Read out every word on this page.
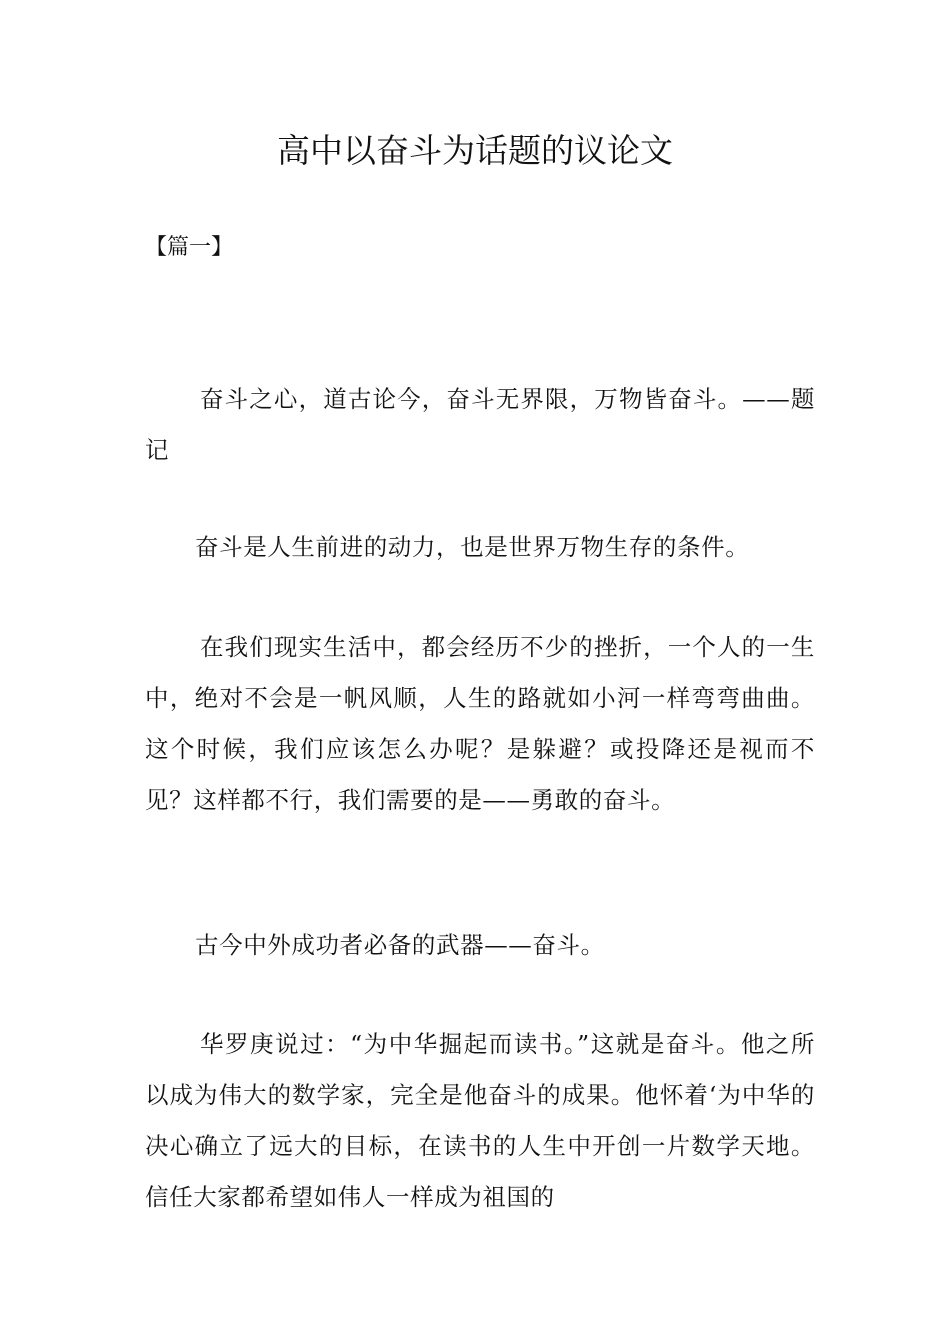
高中以奋斗为话题的议论文
【篇一】

奋斗之心，道古论今，奋斗无界限，万物皆奋斗。——题记

奋斗是人生前进的动力，也是世界万物生存的条件。

在我们现实生活中，都会经历不少的挫折，一个人的一生中，绝对不会是一帆风顺，人生的路就如小河一样弯弯曲曲。这个时候，我们应该怎么办呢？是躲避？或投降还是视而不见？这样都不行，我们需要的是——勇敢的奋斗。

古今中外成功者必备的武器——奋斗。

华罗庚说过：“为中华掘起而读书。”这就是奋斗。他之所以成为伟大的数学家，完全是他奋斗的成果。他怀着‘为中华的决心确立了远大的目标，在读书的人生中开创一片数学天地。信任大家都希望如伟人一样成为祖国的
